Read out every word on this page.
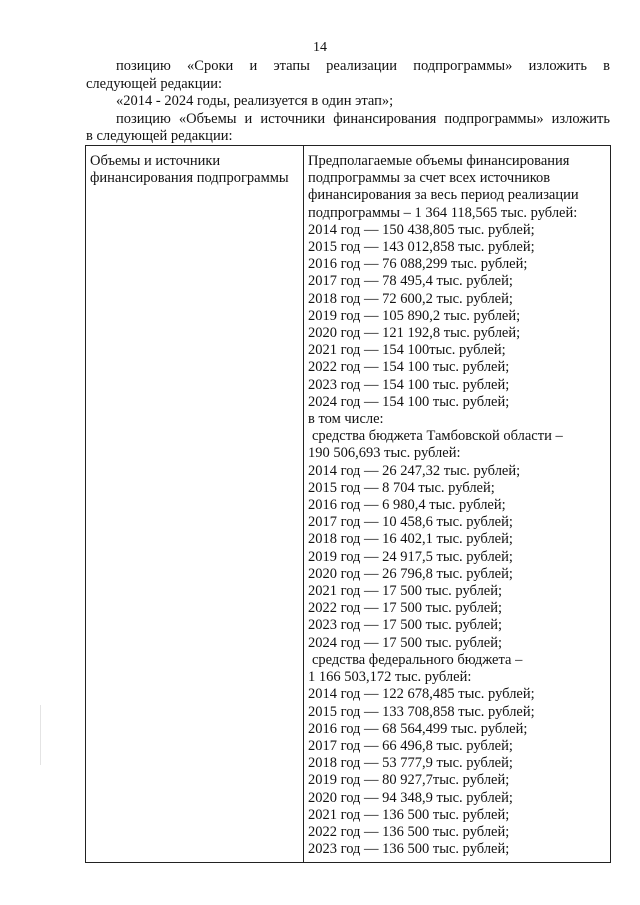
14

позицию «Сроки и этапы реализации подпрограммы» изложить в

следующей редакции:

«2014 - 2024 годы, реализуется в один этап»;

позицию «Объемы и источники финансирования подпрограммы» изложить

в следующей редакции:

Объемы и источники
финансирования подпрограммы
Предполагаемые объемы финансирования
подпрограммы за счет всех источников
финансирования за весь период реализации
подпрограммы – 1 364 118,565 тыс. рублей:
2014 год — 150 438,805 тыс. рублей;
2015 год — 143 012,858 тыс. рублей;
2016 год — 76 088,299 тыс. рублей;
2017 год — 78 495,4 тыс. рублей;
2018 год — 72 600,2 тыс. рублей;
2019 год — 105 890,2 тыс. рублей;
2020 год — 121 192,8 тыс. рублей;
2021 год — 154 100тыс. рублей;
2022 год — 154 100 тыс. рублей;
2023 год — 154 100 тыс. рублей;
2024 год — 154 100 тыс. рублей;
в том числе:
средства бюджета Тамбовской области –
190 506,693 тыс. рублей:
2014 год — 26 247,32 тыс. рублей;
2015 год — 8 704 тыс. рублей;
2016 год — 6 980,4 тыс. рублей;
2017 год — 10 458,6 тыс. рублей;
2018 год — 16 402,1 тыс. рублей;
2019 год — 24 917,5 тыс. рублей;
2020 год — 26 796,8 тыс. рублей;
2021 год — 17 500 тыс. рублей;
2022 год — 17 500 тыс. рублей;
2023 год — 17 500 тыс. рублей;
2024 год — 17 500 тыс. рублей;
средства федерального бюджета –
1 166 503,172 тыс. рублей:
2014 год — 122 678,485 тыс. рублей;
2015 год — 133 708,858 тыс. рублей;
2016 год — 68 564,499 тыс. рублей;
2017 год — 66 496,8 тыс. рублей;
2018 год — 53 777,9 тыс. рублей;
2019 год — 80 927,7тыс. рублей;
2020 год — 94 348,9 тыс. рублей;
2021 год — 136 500 тыс. рублей;
2022 год — 136 500 тыс. рублей;
2023 год — 136 500 тыс. рублей;
